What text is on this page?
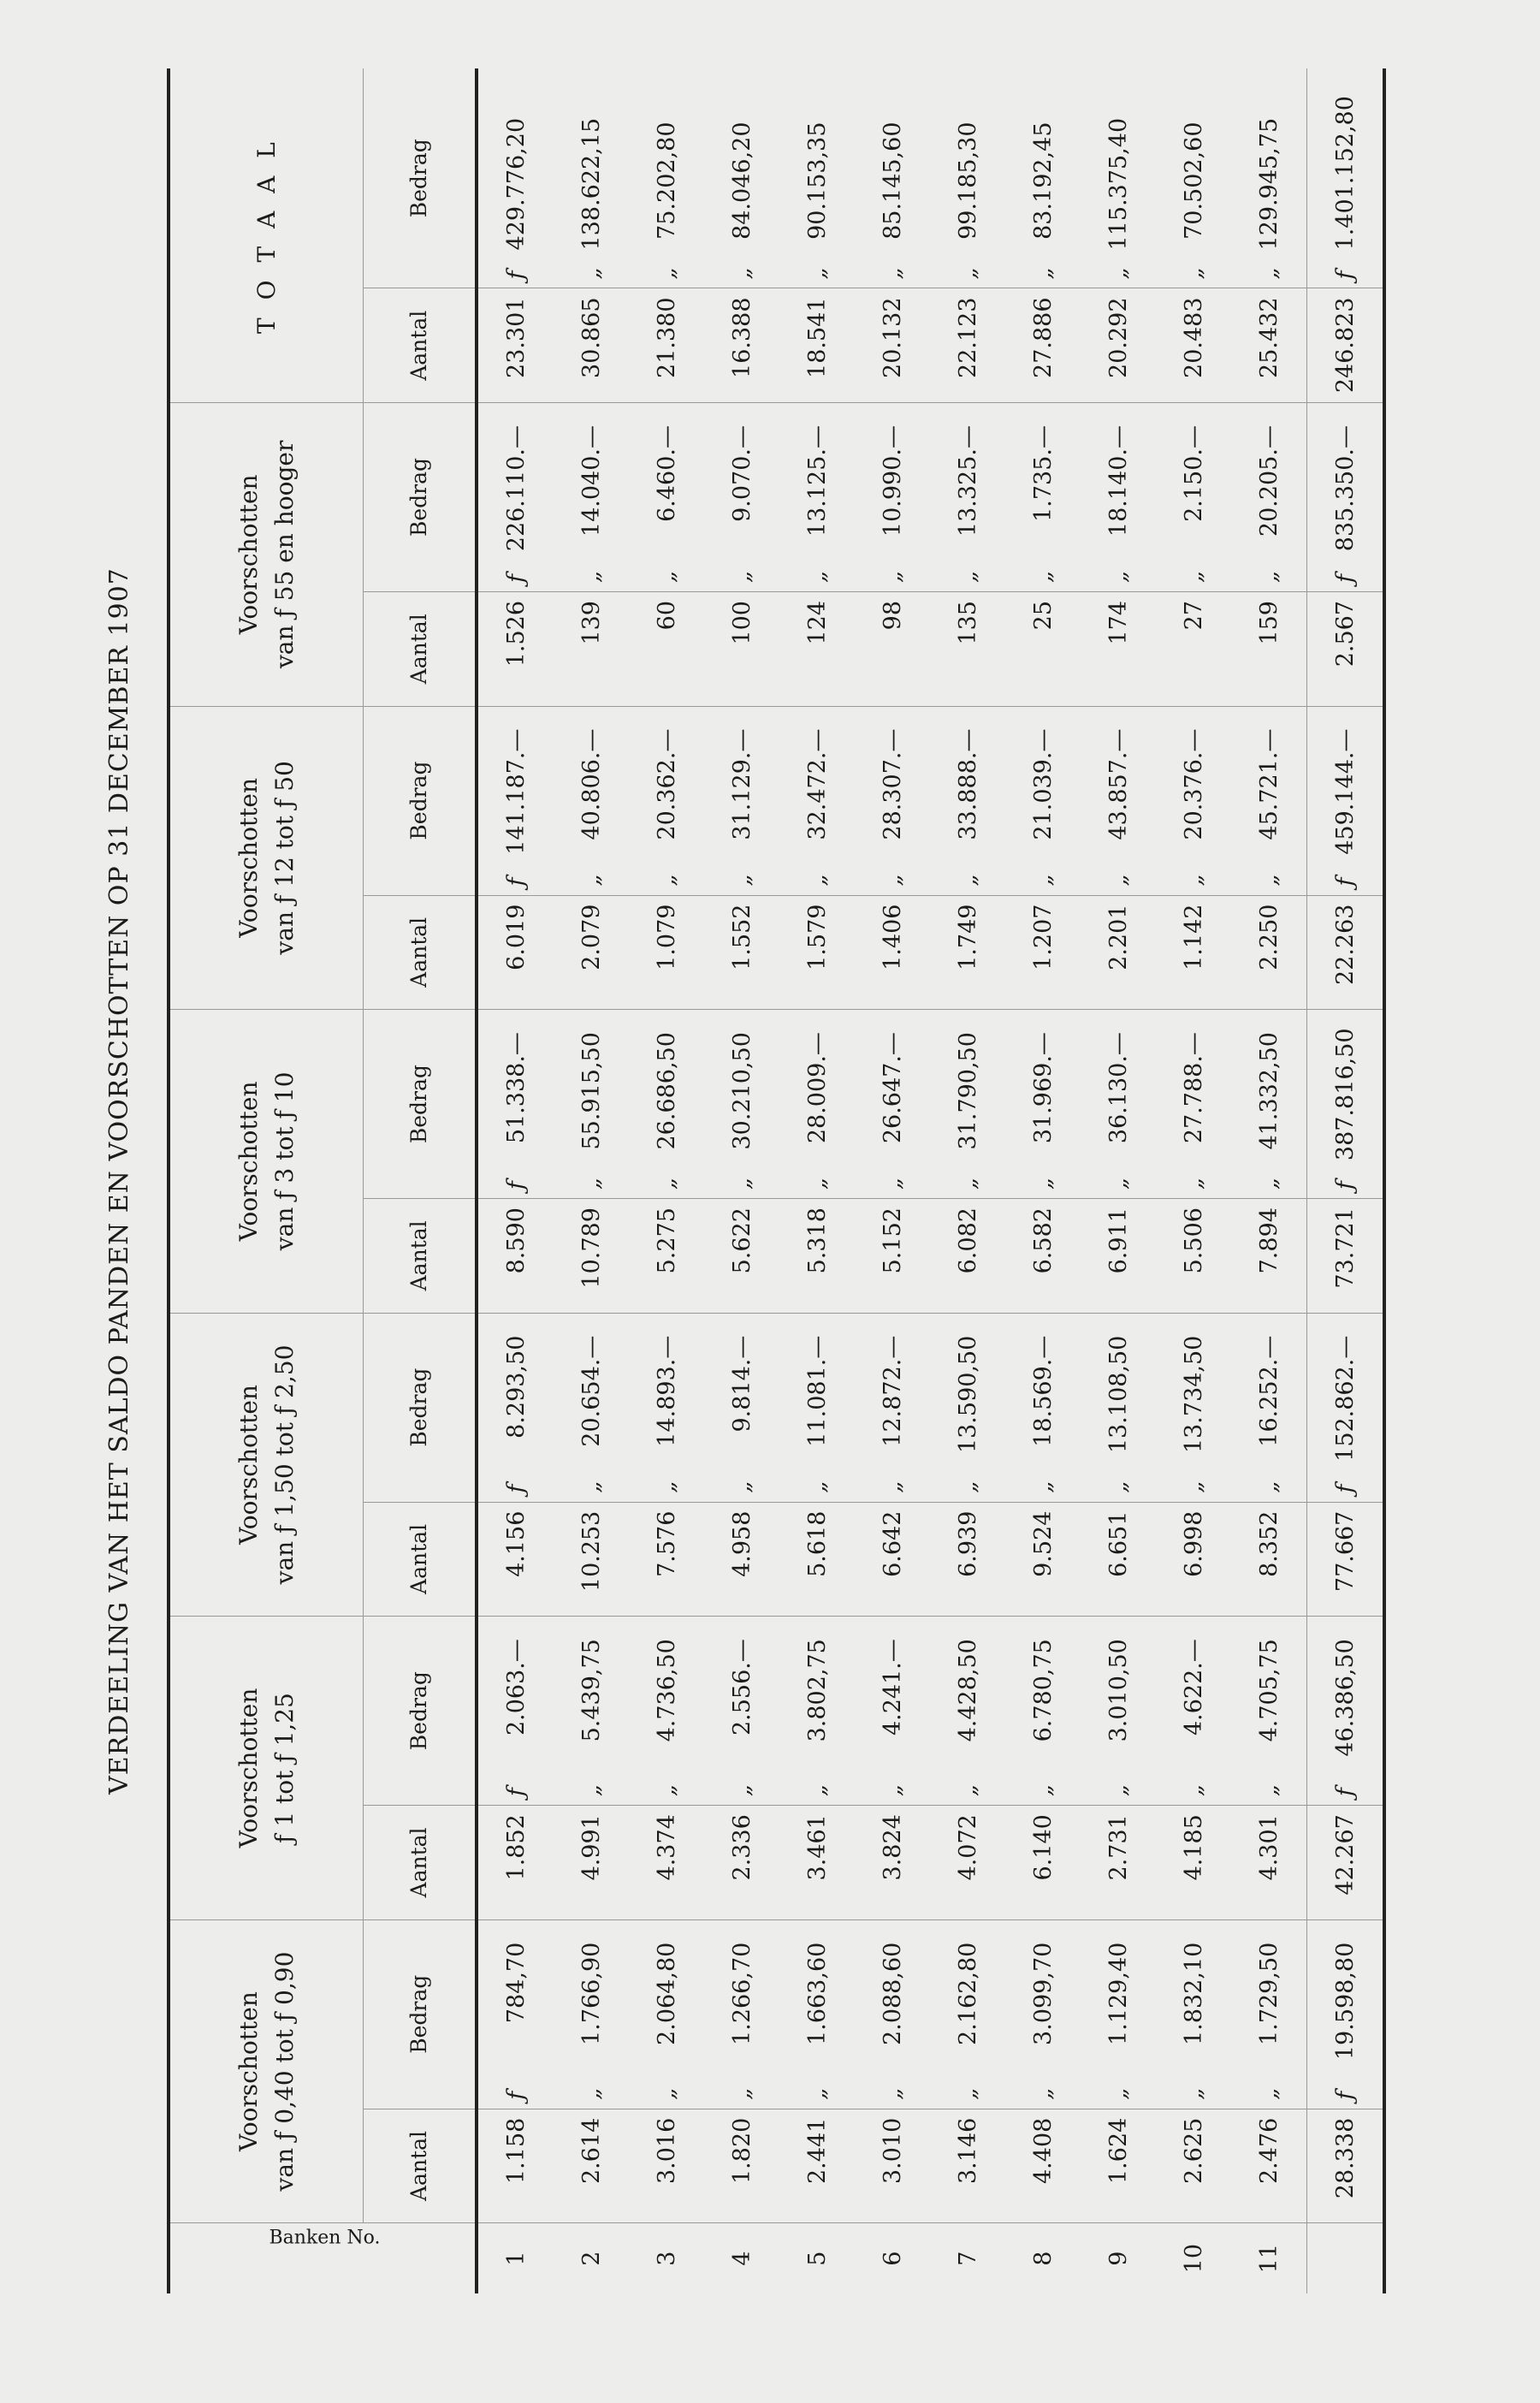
VERDEELING VAN HET SALDO PANDEN EN VOORSCHOTTEN OP 31 DECEMBER 1907
Banken No.	Voorschotten van ƒ 0,40 tot ƒ 0,90		Voorschotten ƒ 1 tot ƒ 1,25		Voorschotten van ƒ 1,50 tot ƒ 2,50		Voorschotten van ƒ 3 tot ƒ 10		Voorschotten van ƒ 12 tot ƒ 50		Voorschotten van ƒ 55 en hooger		T O T A A L	

	Aantal	Bedrag	Aantal	Bedrag	Aantal	Bedrag	Aantal	Bedrag	Aantal	Bedrag	Aantal	Bedrag	Aantal	Bedrag
1	1.158	ƒ784,70	1.852	ƒ2.063.—	4.156	ƒ8.293,50	8.590	ƒ51.338.—	6.019	ƒ141.187.—	1.526	ƒ226.110.—	23.301	ƒ429.776,20
2	2.614	„1.766,90	4.991	„5.439,75	10.253	„20.654.—	10.789	„55.915,50	2.079	„40.806.—	139	„14.040.—	30.865	„138.622,15
3	3.016	„2.064,80	4.374	„4.736,50	7.576	„14.893.—	5.275	„26.686,50	1.079	„20.362.—	60	„6.460.—	21.380	„75.202,80
4	1.820	„1.266,70	2.336	„2.556.—	4.958	„9.814.—	5.622	„30.210,50	1.552	„31.129.—	100	„9.070.—	16.388	„84.046,20
5	2.441	„1.663,60	3.461	„3.802,75	5.618	„11.081.—	5.318	„28.009.—	1.579	„32.472.—	124	„13.125.—	18.541	„90.153,35
6	3.010	„2.088,60	3.824	„4.241.—	6.642	„12.872.—	5.152	„26.647.—	1.406	„28.307.—	98	„10.990.—	20.132	„85.145,60
7	3.146	„2.162,80	4.072	„4.428,50	6.939	„13.590,50	6.082	„31.790,50	1.749	„33.888.—	135	„13.325.—	22.123	„99.185,30
8	4.408	„3.099,70	6.140	„6.780,75	9.524	„18.569.—	6.582	„31.969.—	1.207	„21.039.—	25	„1.735.—	27.886	„83.192,45
9	1.624	„1.129,40	2.731	„3.010,50	6.651	„13.108,50	6.911	„36.130.—	2.201	„43.857.—	174	„18.140.—	20.292	„115.375,40
10	2.625	„1.832,10	4.185	„4.622.—	6.998	„13.734,50	5.506	„27.788.—	1.142	„20.376.—	27	„2.150.—	20.483	„70.502,60
11	2.476	„1.729,50	4.301	„4.705,75	8.352	„16.252.—	7.894	„41.332,50	2.250	„45.721.—	159	„20.205.—	25.432	„129.945,75
	28.338	ƒ19.598,80	42.267	ƒ46.386,50	77.667	ƒ152.862.—	73.721	ƒ387.816,50	22.263	ƒ459.144.—	2.567	ƒ835.350.—	246.823	ƒ1.401.152,80
